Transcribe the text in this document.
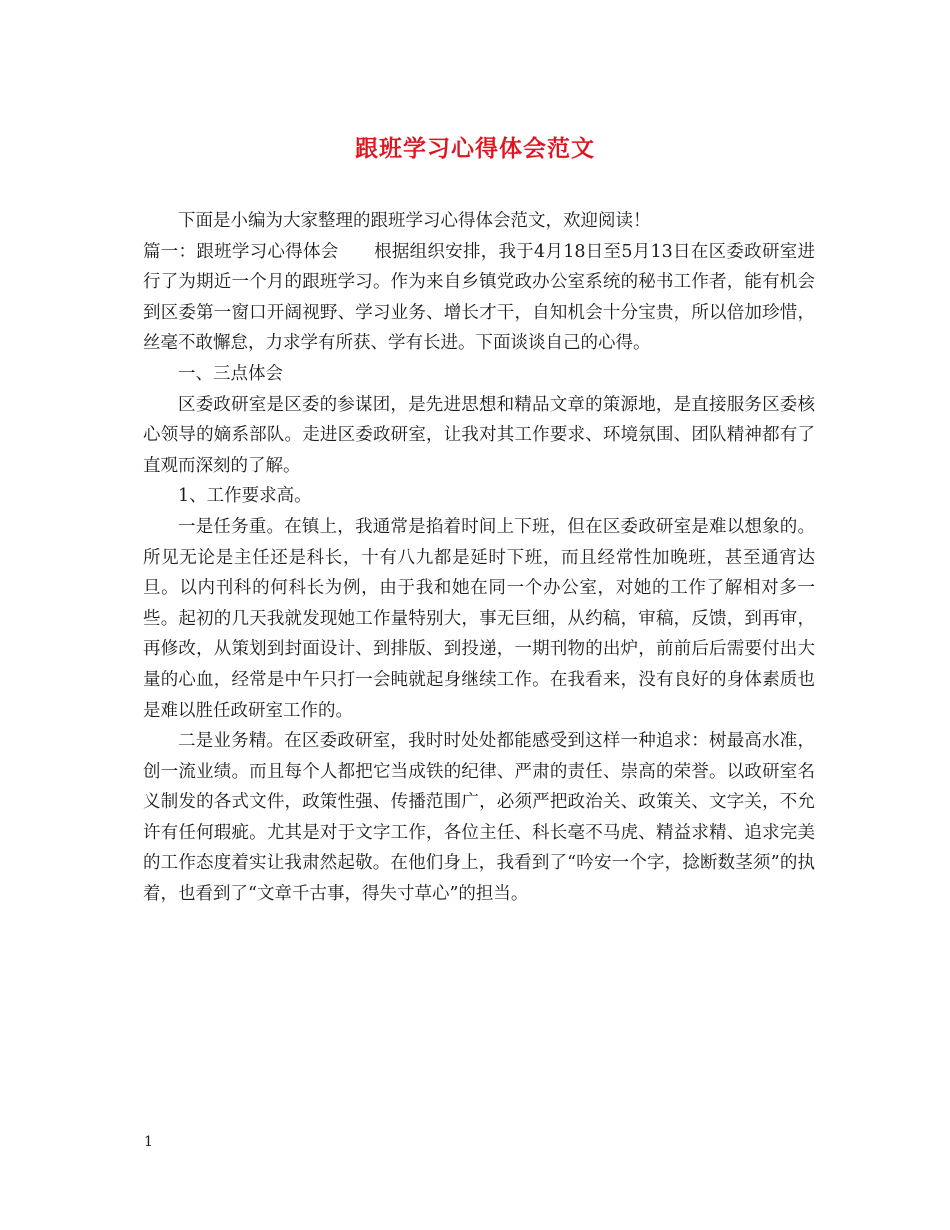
跟班学习心得体会范文

下面是小编为大家整理的跟班学习心得体会范文，欢迎阅读！

篇一：跟班学习心得体会　　根据组织安排，我于4月18日至5月13日在区委政研室进行了为期近一个月的跟班学习。作为来自乡镇党政办公室系统的秘书工作者，能有机会到区委第一窗口开阔视野、学习业务、增长才干，自知机会十分宝贵，所以倍加珍惜，丝毫不敢懈怠，力求学有所获、学有长进。下面谈谈自己的心得。

一、三点体会

区委政研室是区委的参谋团，是先进思想和精品文章的策源地，是直接服务区委核心领导的嫡系部队。走进区委政研室，让我对其工作要求、环境氛围、团队精神都有了直观而深刻的了解。

1、工作要求高。

一是任务重。在镇上，我通常是掐着时间上下班，但在区委政研室是难以想象的。所见无论是主任还是科长，十有八九都是延时下班，而且经常性加晚班，甚至通宵达旦。以内刊科的何科长为例，由于我和她在同一个办公室，对她的工作了解相对多一些。起初的几天我就发现她工作量特别大，事无巨细，从约稿，审稿，反馈，到再审，再修改，从策划到封面设计、到排版、到投递，一期刊物的出炉，前前后后需要付出大量的心血，经常是中午只打一会盹就起身继续工作。在我看来，没有良好的身体素质也是难以胜任政研室工作的。

二是业务精。在区委政研室，我时时处处都能感受到这样一种追求：树最高水准，创一流业绩。而且每个人都把它当成铁的纪律、严肃的责任、崇高的荣誉。以政研室名义制发的各式文件，政策性强、传播范围广，必须严把政治关、政策关、文字关，不允许有任何瑕疵。尤其是对于文字工作，各位主任、科长毫不马虎、精益求精、追求完美的工作态度着实让我肃然起敬。在他们身上，我看到了“吟安一个字，捻断数茎须”的执着，也看到了“文章千古事，得失寸草心”的担当。

1
